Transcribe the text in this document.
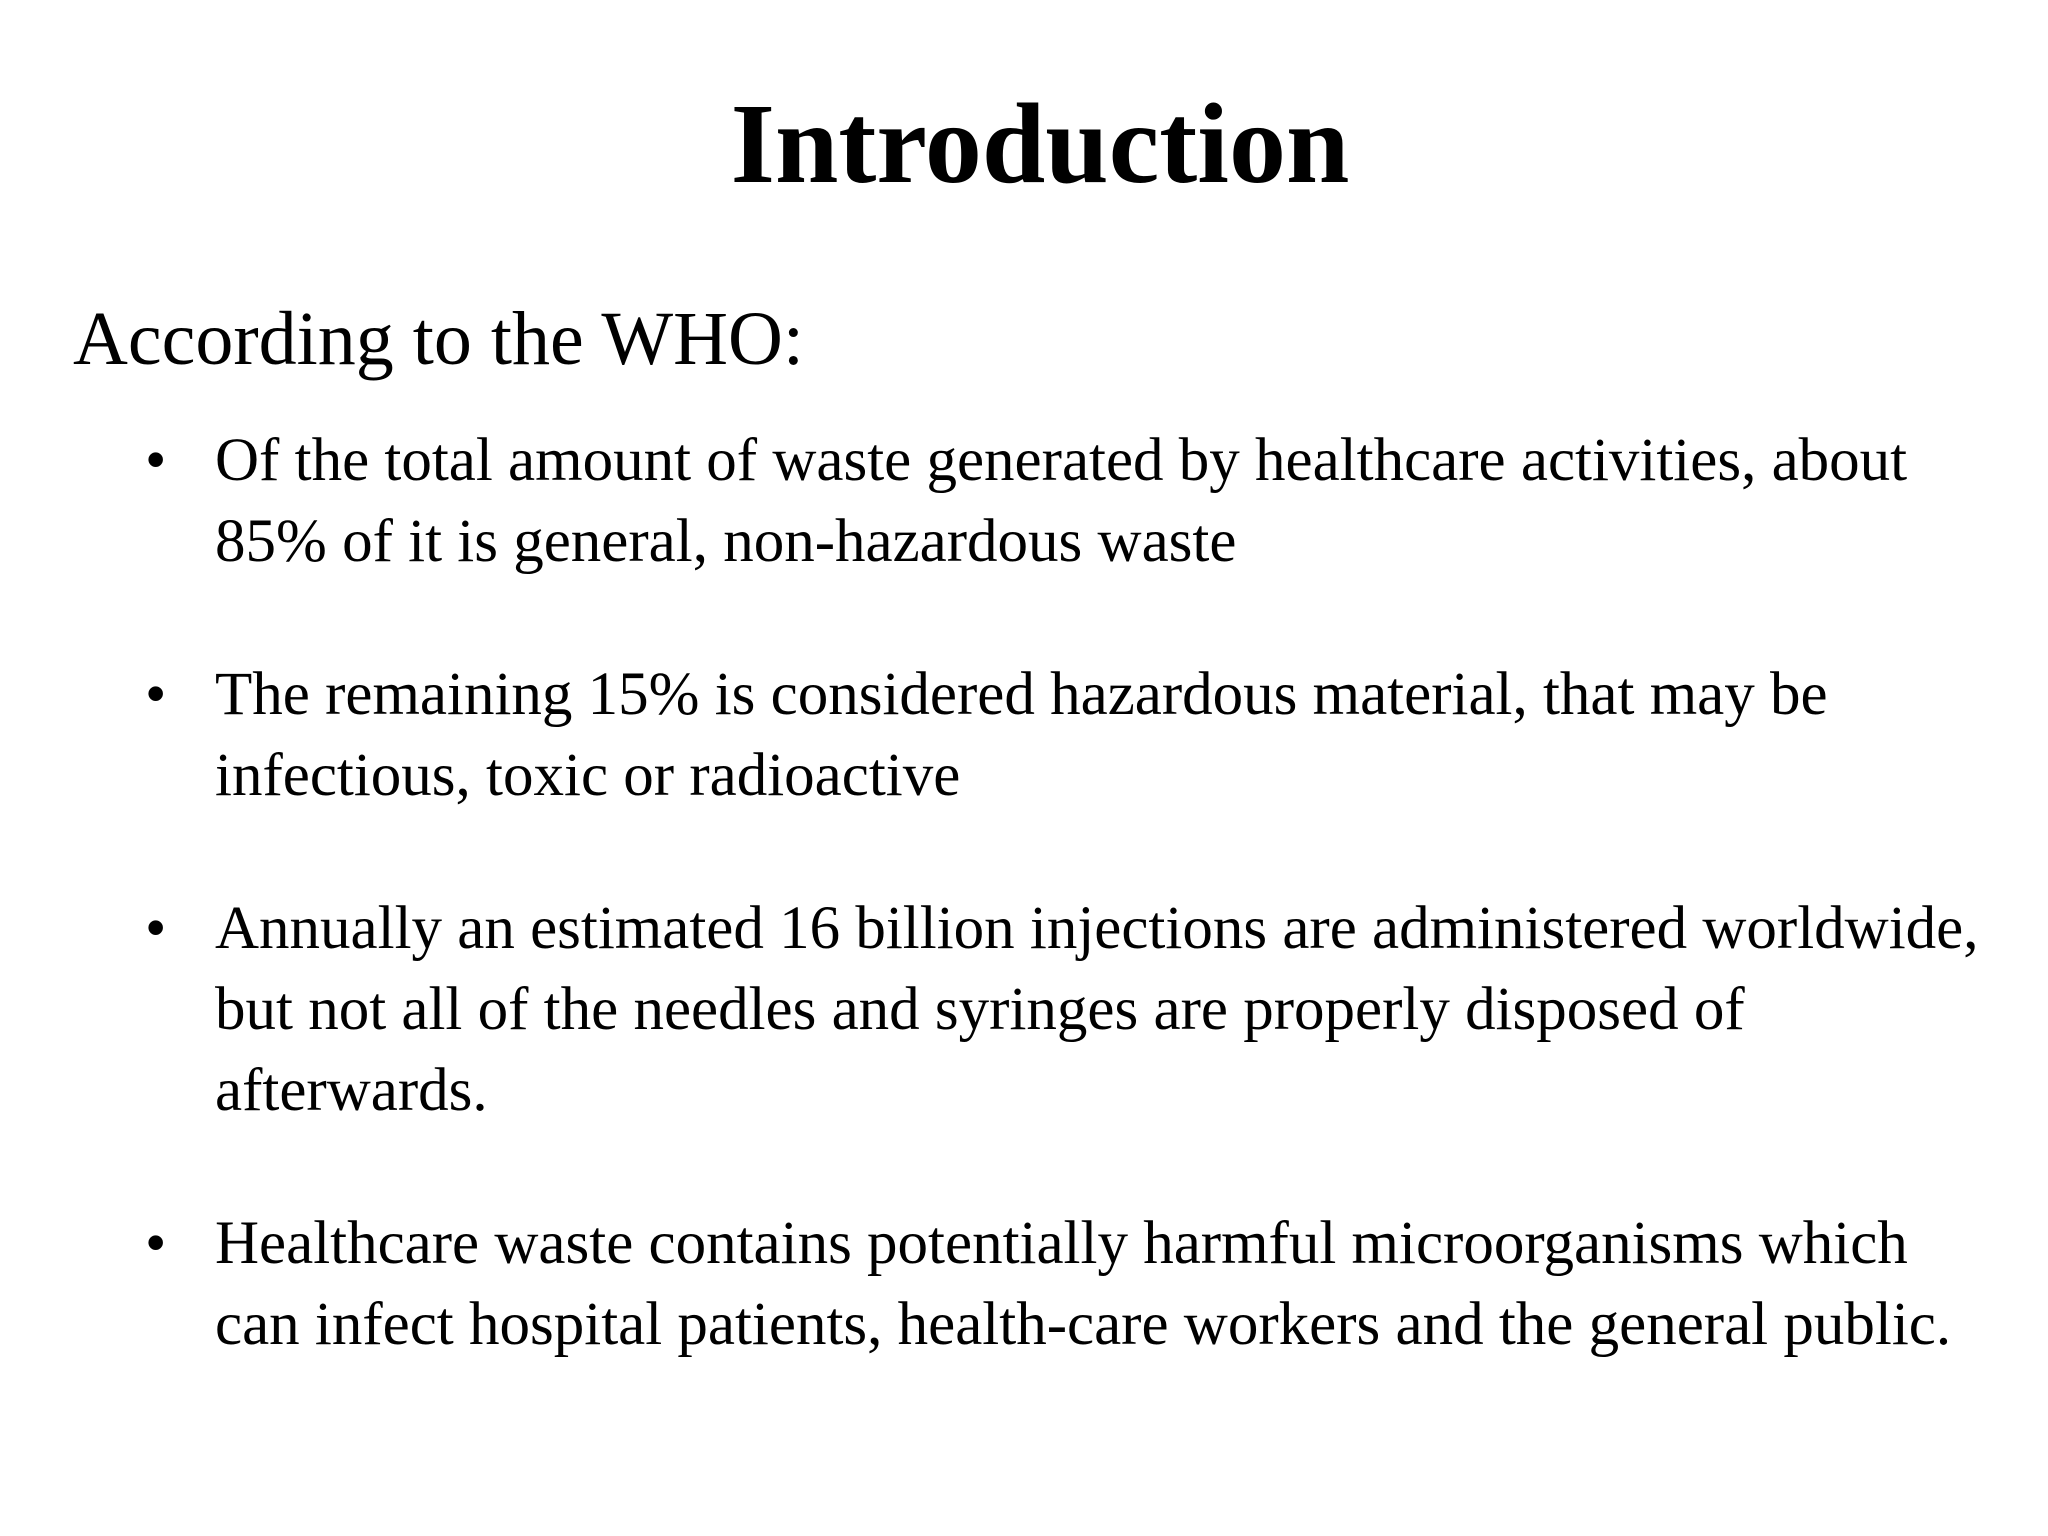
Introduction

According to the WHO:

• Of the total amount of waste generated by healthcare activities, about 85% of it is general, non-hazardous waste
• The remaining 15% is considered hazardous material, that may be infectious, toxic or radioactive
• Annually an estimated 16 billion injections are administered worldwide, but not all of the needles and syringes are properly disposed of afterwards.
• Healthcare waste contains potentially harmful microorganisms which can infect hospital patients, health-care workers and the general public.
